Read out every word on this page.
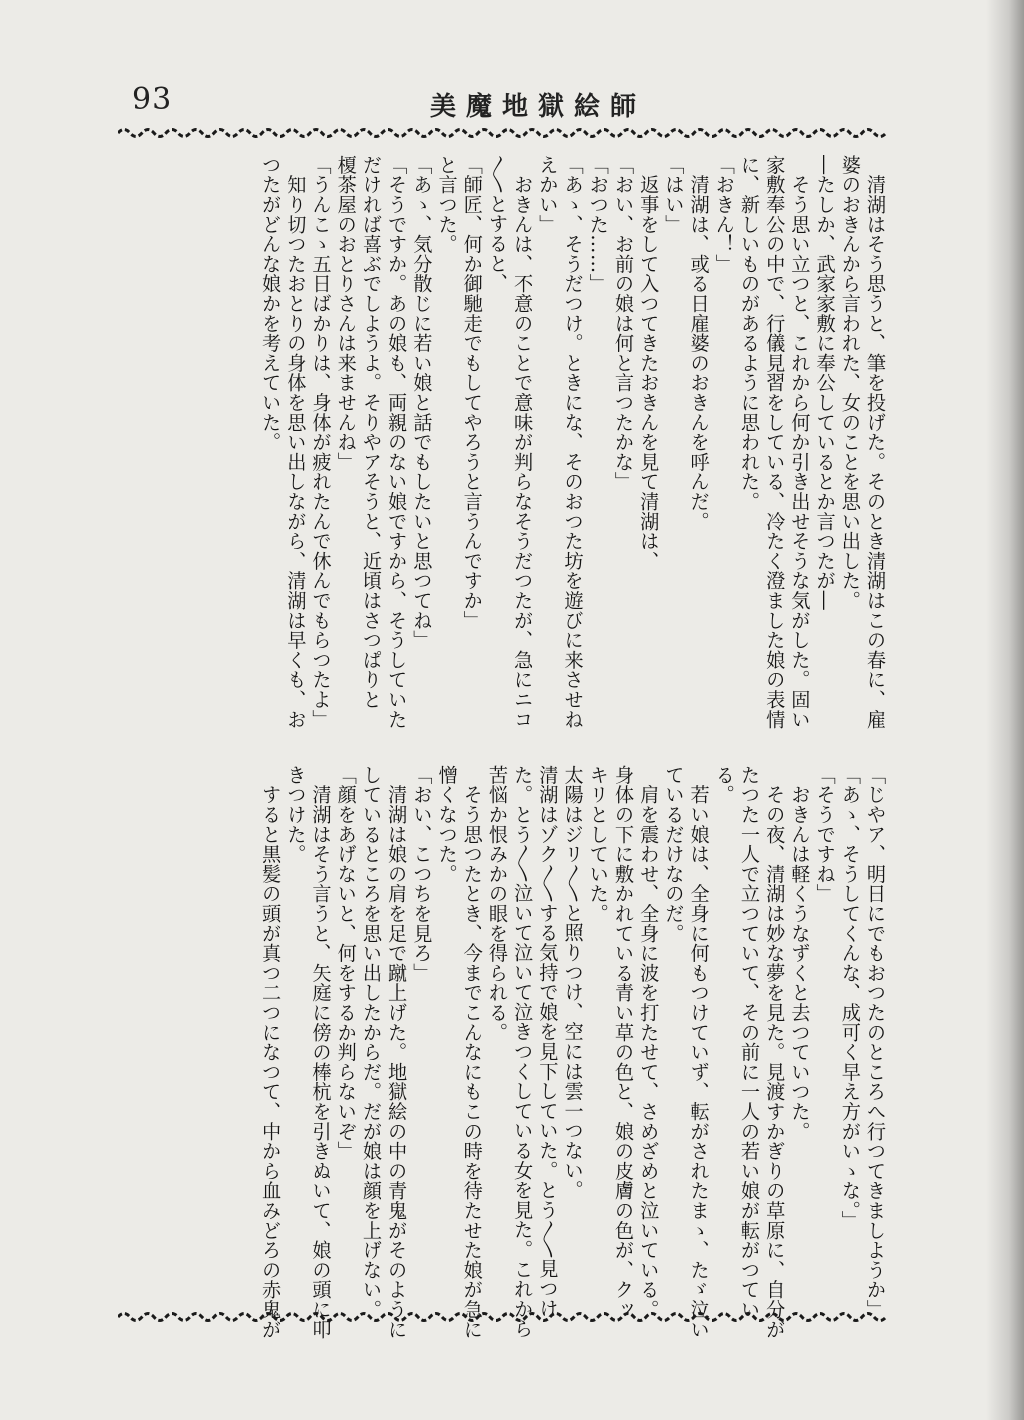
93	美魔地獄絵師
　清湖はそう思うと、筆を投げた。そのとき清湖はこの春に、雇
婆のおきんから言われた、女のことを思い出した。
―たしか、武家家敷に奉公しているとか言つたが―
　そう思い立つと、これから何か引き出せそうな気がした。固い
家敷奉公の中で、行儀見習をしている、冷たく澄ました娘の表情
に、新しいものがあるように思われた。
「おきん！」
　清湖は、或る日雇婆のおきんを呼んだ。
「はい」
　返事をして入つてきたおきんを見て清湖は、
「おい、お前の娘は何と言つたかな」
「おつた……」
「あゝ、そうだつけ。ときにな、そのおつた坊を遊びに来させね
えかい」
　おきんは、不意のことで意味が判らなそうだつたが、急にニコ
〳〵とすると、
「師匠、何か御馳走でもしてやろうと言うんですか」
と言つた。
「あゝ、気分散じに若い娘と話でもしたいと思つてね」
「そうですか。あの娘も、両親のない娘ですから、そうしていた
だければ喜ぶでしようよ。そりやアそうと、近頃はさつぱりと
榎茶屋のおとりさんは来ませんね」
「うんこゝ五日ばかりは、身体が疲れたんで休んでもらつたよ」
　知り切つたおとりの身体を思い出しながら、清湖は早くも、お
つたがどんな娘かを考えていた。
「じやア、明日にでもおつたのところへ行つてきましようか」
「あゝ、そうしてくんな、成可く早え方がいゝな。」
「そうですね」
　おきんは軽くうなずくと去つていつた。
　その夜、清湖は妙な夢を見た。見渡すかぎりの草原に、自分が
たつた一人で立つていて、その前に一人の若い娘が転がつてい
る。
　若い娘は、全身に何もつけていず、転がされたまゝ、たゞ泣い
ているだけなのだ。
　肩を震わせ、全身に波を打たせて、さめざめと泣いている。
身体の下に敷かれている青い草の色と、娘の皮膚の色が、クッ
キリとしていた。
太陽はジリ〳〵と照りつけ、空には雲一つない。
清湖はゾク〳〵する気持で娘を見下していた。とう〳〵見つけ
た。とう〳〵泣いて泣いて泣きつくしている女を見た。これから
苦悩か恨みかの眼を得られる。
　そう思つたとき、今までこんなにもこの時を待たせた娘が急に
憎くなつた。
「おい、こつちを見ろ」
　清湖は娘の肩を足で蹴上げた。地獄絵の中の青鬼がそのように
しているところを思い出したからだ。だが娘は顔を上げない。
「顔をあげないと、何をするか判らないぞ」
　清湖はそう言うと、矢庭に傍の棒杭を引きぬいて、娘の頭に叩
きつけた。
　すると黒髪の頭が真つ二つになつて、中から血みどろの赤鬼が
